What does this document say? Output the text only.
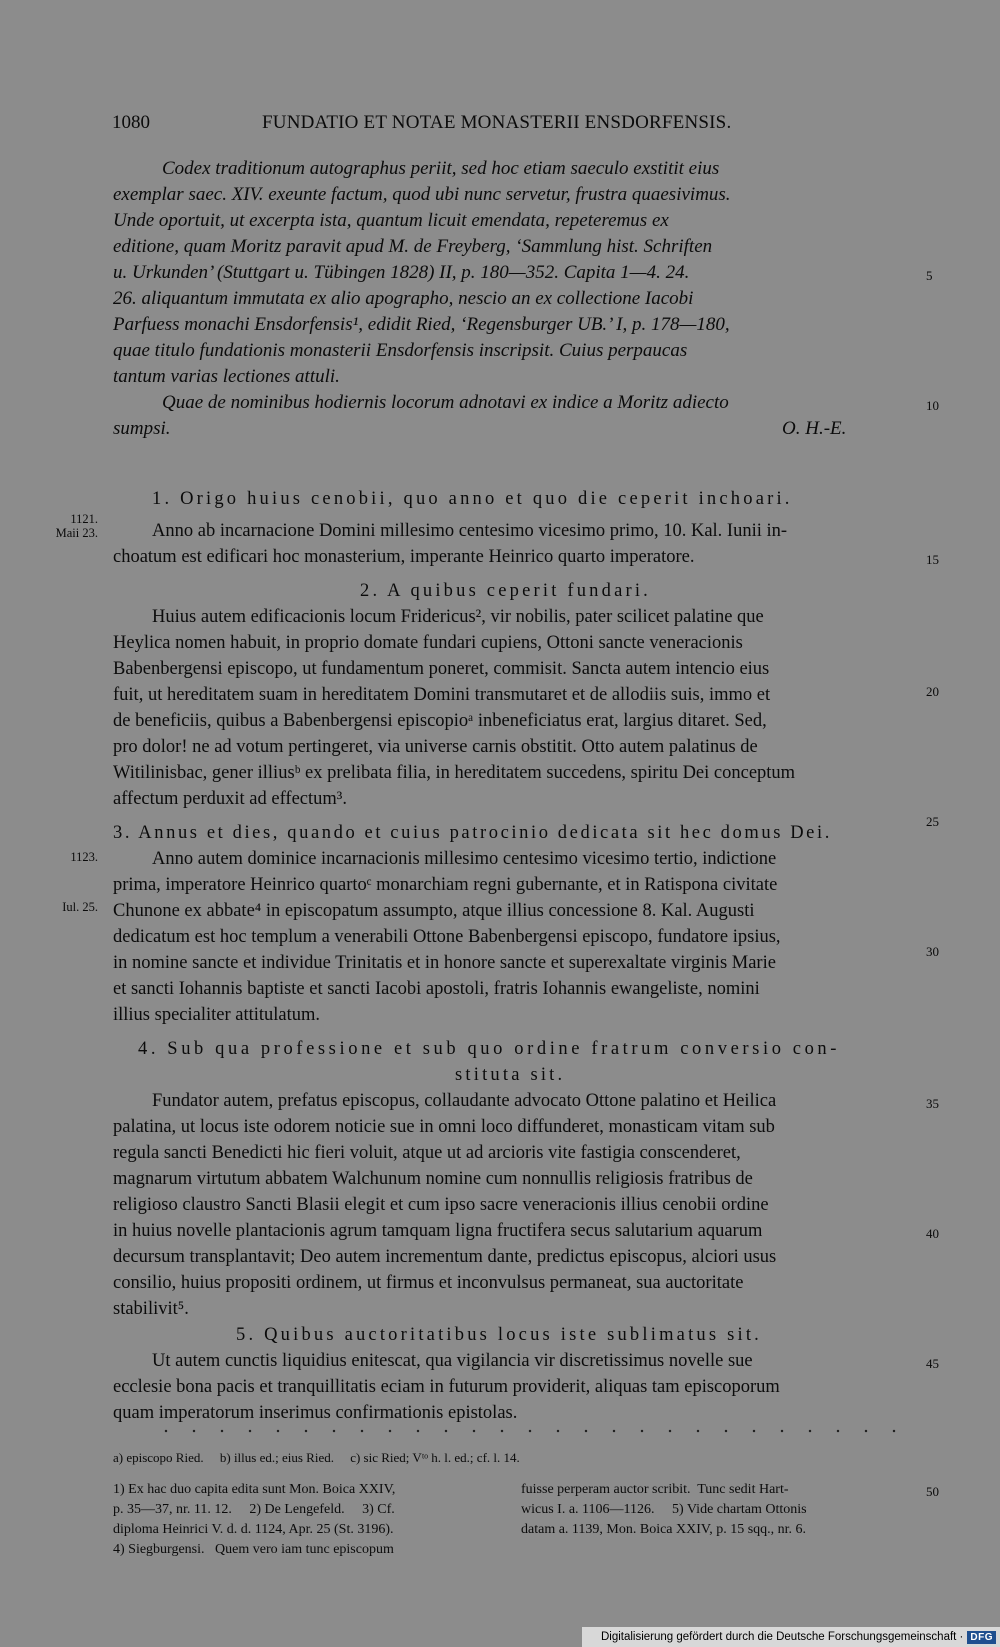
1080	FUNDATIO ET NOTAE MONASTERII ENSDORFENSIS.
Codex traditionum autographus periit, sed hoc etiam saeculo exstitit eius
exemplar saec. XIV. exeunte factum, quod ubi nunc servetur, frustra quaesivimus.
Unde oportuit, ut excerpta ista, quantum licuit emendata, repeteremus ex
editione, quam Moritz paravit apud M. de Freyberg, ‘Sammlung hist. Schriften
u. Urkunden’ (Stuttgart u. Tübingen 1828) II, p. 180—352. Capita 1—4. 24.
26. aliquantum immutata ex alio apographo, nescio an ex collectione Iacobi
Parfuess monachi Ensdorfensis¹, edidit Ried, ‘Regensburger UB.’ I, p. 178—180,
quae titulo fundationis monasterii Ensdorfensis inscripsit. Cuius perpaucas
tantum varias lectiones attuli.
Quae de nominibus hodiernis locorum adnotavi ex indice a Moritz adiecto
sumpsi.	O. H.-E.
5
10
15
20
25
30
35
40
45
50
1121.
Maii 23.
1123.
Iul. 25.
1. Origo huius cenobii, quo anno et quo die ceperit inchoari.
Anno ab incarnacione Domini millesimo centesimo vicesimo primo, 10. Kal. Iunii in-
choatum est edificari hoc monasterium, imperante Heinrico quarto imperatore.
2. A quibus ceperit fundari.
Huius autem edificacionis locum Fridericus², vir nobilis, pater scilicet palatine que
Heylica nomen habuit, in proprio domate fundari cupiens, Ottoni sancte veneracionis
Babenbergensi episcopo, ut fundamentum poneret, commisit. Sancta autem intencio eius
fuit, ut hereditatem suam in hereditatem Domini transmutaret et de allodiis suis, immo et
de beneficiis, quibus a Babenbergensi episcopioᵃ inbeneficiatus erat, largius ditaret. Sed,
pro dolor! ne ad votum pertingeret, via universe carnis obstitit. Otto autem palatinus de
Witilinisbac, gener illiusᵇ ex prelibata filia, in hereditatem succedens, spiritu Dei conceptum
affectum perduxit ad effectum³.
3. Annus et dies, quando et cuius patrocinio dedicata sit hec domus Dei.
Anno autem dominice incarnacionis millesimo centesimo vicesimo tertio, indictione
prima, imperatore Heinrico quartoᶜ monarchiam regni gubernante, et in Ratispona civitate
Chunone ex abbate⁴ in episcopatum assumpto, atque illius concessione 8. Kal. Augusti
dedicatum est hoc templum a venerabili Ottone Babenbergensi episcopo, fundatore ipsius,
in nomine sancte et individue Trinitatis et in honore sancte et superexaltate virginis Marie
et sancti Iohannis baptiste et sancti Iacobi apostoli, fratris Iohannis ewangeliste, nomini
illius specialiter attitulatum.
4. Sub qua professione et sub quo ordine fratrum conversio con-
stituta sit.
Fundator autem, prefatus episcopus, collaudante advocato Ottone palatino et Heilica
palatina, ut locus iste odorem noticie sue in omni loco diffunderet, monasticam vitam sub
regula sancti Benedicti hic fieri voluit, atque ut ad arcioris vite fastigia conscenderet,
magnarum virtutum abbatem Walchunum nomine cum nonnullis religiosis fratribus de
religioso claustro Sancti Blasii elegit et cum ipso sacre veneracionis illius cenobii ordine
in huius novelle plantacionis agrum tamquam ligna fructifera secus salutarium aquarum
decursum transplantavit; Deo autem incrementum dante, predictus episcopus, alciori usus
consilio, huius propositi ordinem, ut firmus et inconvulsus permaneat, sua auctoritate
stabilivit⁵.
5. Quibus auctoritatibus locus iste sublimatus sit.
Ut autem cunctis liquidius enitescat, qua vigilancia vir discretissimus novelle sue
ecclesie bona pacis et tranquillitatis eciam in futurum providerit, aliquas tam episcoporum
quam imperatorum inserimus confirmationis epistolas.
a) episcopo Ried.     b) illus ed.; eius Ried.     c) sic Ried; Vᵗᵒ h. l. ed.; cf. l. 14.
1) Ex hac duo capita edita sunt Mon. Boica XXIV,
p. 35—37, nr. 11. 12.     2) De Lengefeld.     3) Cf.
diploma Heinrici V. d. d. 1124, Apr. 25 (St. 3196).
4) Siegburgensi.   Quem vero iam tunc episcopum
fuisse perperam auctor scribit.  Tunc sedit Hart-
wicus I. a. 1106—1126.     5) Vide chartam Ottonis
datam a. 1139, Mon. Boica XXIV, p. 15 sqq., nr. 6.
Digitalisierung gefördert durch die Deutsche Forschungsgemeinschaft · DFG
